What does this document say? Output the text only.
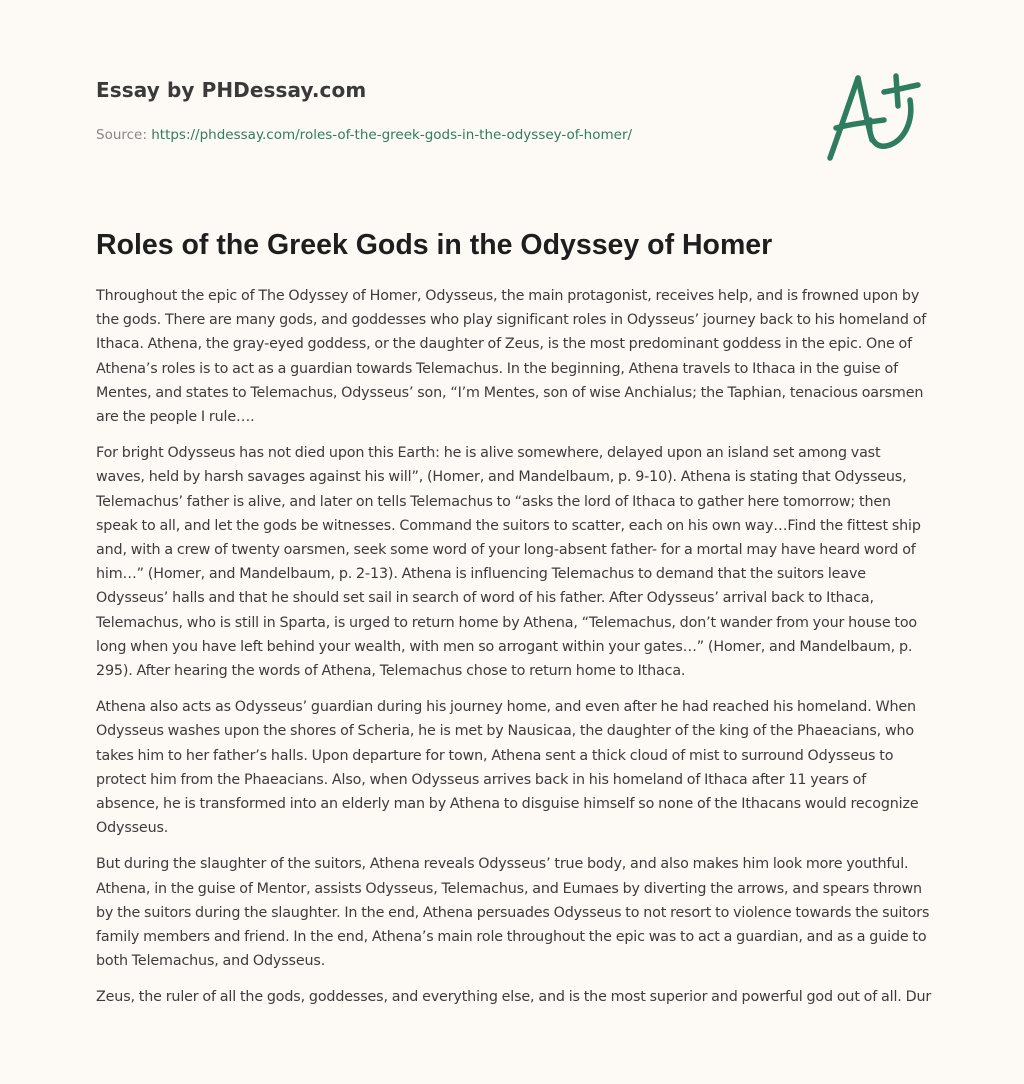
Essay by PHDessay.com
Source: https://phdessay.com/roles-of-the-greek-gods-in-the-odyssey-of-homer/
Roles of the Greek Gods in the Odyssey of Homer

Throughout the epic of The Odyssey of Homer, Odysseus, the main protagonist, receives help, and is frowned upon by the gods. There are many gods, and goddesses who play significant roles in Odysseus’ journey back to his homeland of Ithaca. Athena, the gray-eyed goddess, or the daughter of Zeus, is the most predominant goddess in the epic. One of Athena’s roles is to act as a guardian towards Telemachus. In the beginning, Athena travels to Ithaca in the guise of Mentes, and states to Telemachus, Odysseus’ son, “I’m Mentes, son of wise Anchialus; the Taphian, tenacious oarsmen are the people I rule….

For bright Odysseus has not died upon this Earth: he is alive somewhere, delayed upon an island set among vast waves, held by harsh savages against his will”, (Homer, and Mandelbaum, p. 9-10). Athena is stating that Odysseus, Telemachus’ father is alive, and later on tells Telemachus to “asks the lord of Ithaca to gather here tomorrow; then speak to all, and let the gods be witnesses. Command the suitors to scatter, each on his own way…Find the fittest ship and, with a crew of twenty oarsmen, seek some word of your long-absent father- for a mortal may have heard word of him…” (Homer, and Mandelbaum, p. 2-13). Athena is influencing Telemachus to demand that the suitors leave Odysseus’ halls and that he should set sail in search of word of his father. After Odysseus’ arrival back to Ithaca, Telemachus, who is still in Sparta, is urged to return home by Athena, “Telemachus, don’t wander from your house too long when you have left behind your wealth, with men so arrogant within your gates…” (Homer, and Mandelbaum, p. 295). After hearing the words of Athena, Telemachus chose to return home to Ithaca.

Athena also acts as Odysseus’ guardian during his journey home, and even after he had reached his homeland. When Odysseus washes upon the shores of Scheria, he is met by Nausicaa, the daughter of the king of the Phaeacians, who takes him to her father’s halls. Upon departure for town, Athena sent a thick cloud of mist to surround Odysseus to protect him from the Phaeacians. Also, when Odysseus arrives back in his homeland of Ithaca after 11 years of absence, he is transformed into an elderly man by Athena to disguise himself so none of the Ithacans would recognize Odysseus.

But during the slaughter of the suitors, Athena reveals Odysseus’ true body, and also makes him look more youthful. Athena, in the guise of Mentor, assists Odysseus, Telemachus, and Eumaes by diverting the arrows, and spears thrown by the suitors during the slaughter. In the end, Athena persuades Odysseus to not resort to violence towards the suitors family members and friend. In the end, Athena’s main role throughout the epic was to act a guardian, and as a guide to both Telemachus, and Odysseus.

Zeus, the ruler of all the gods, goddesses, and everything else, and is the most superior and powerful god out of all. Dur
